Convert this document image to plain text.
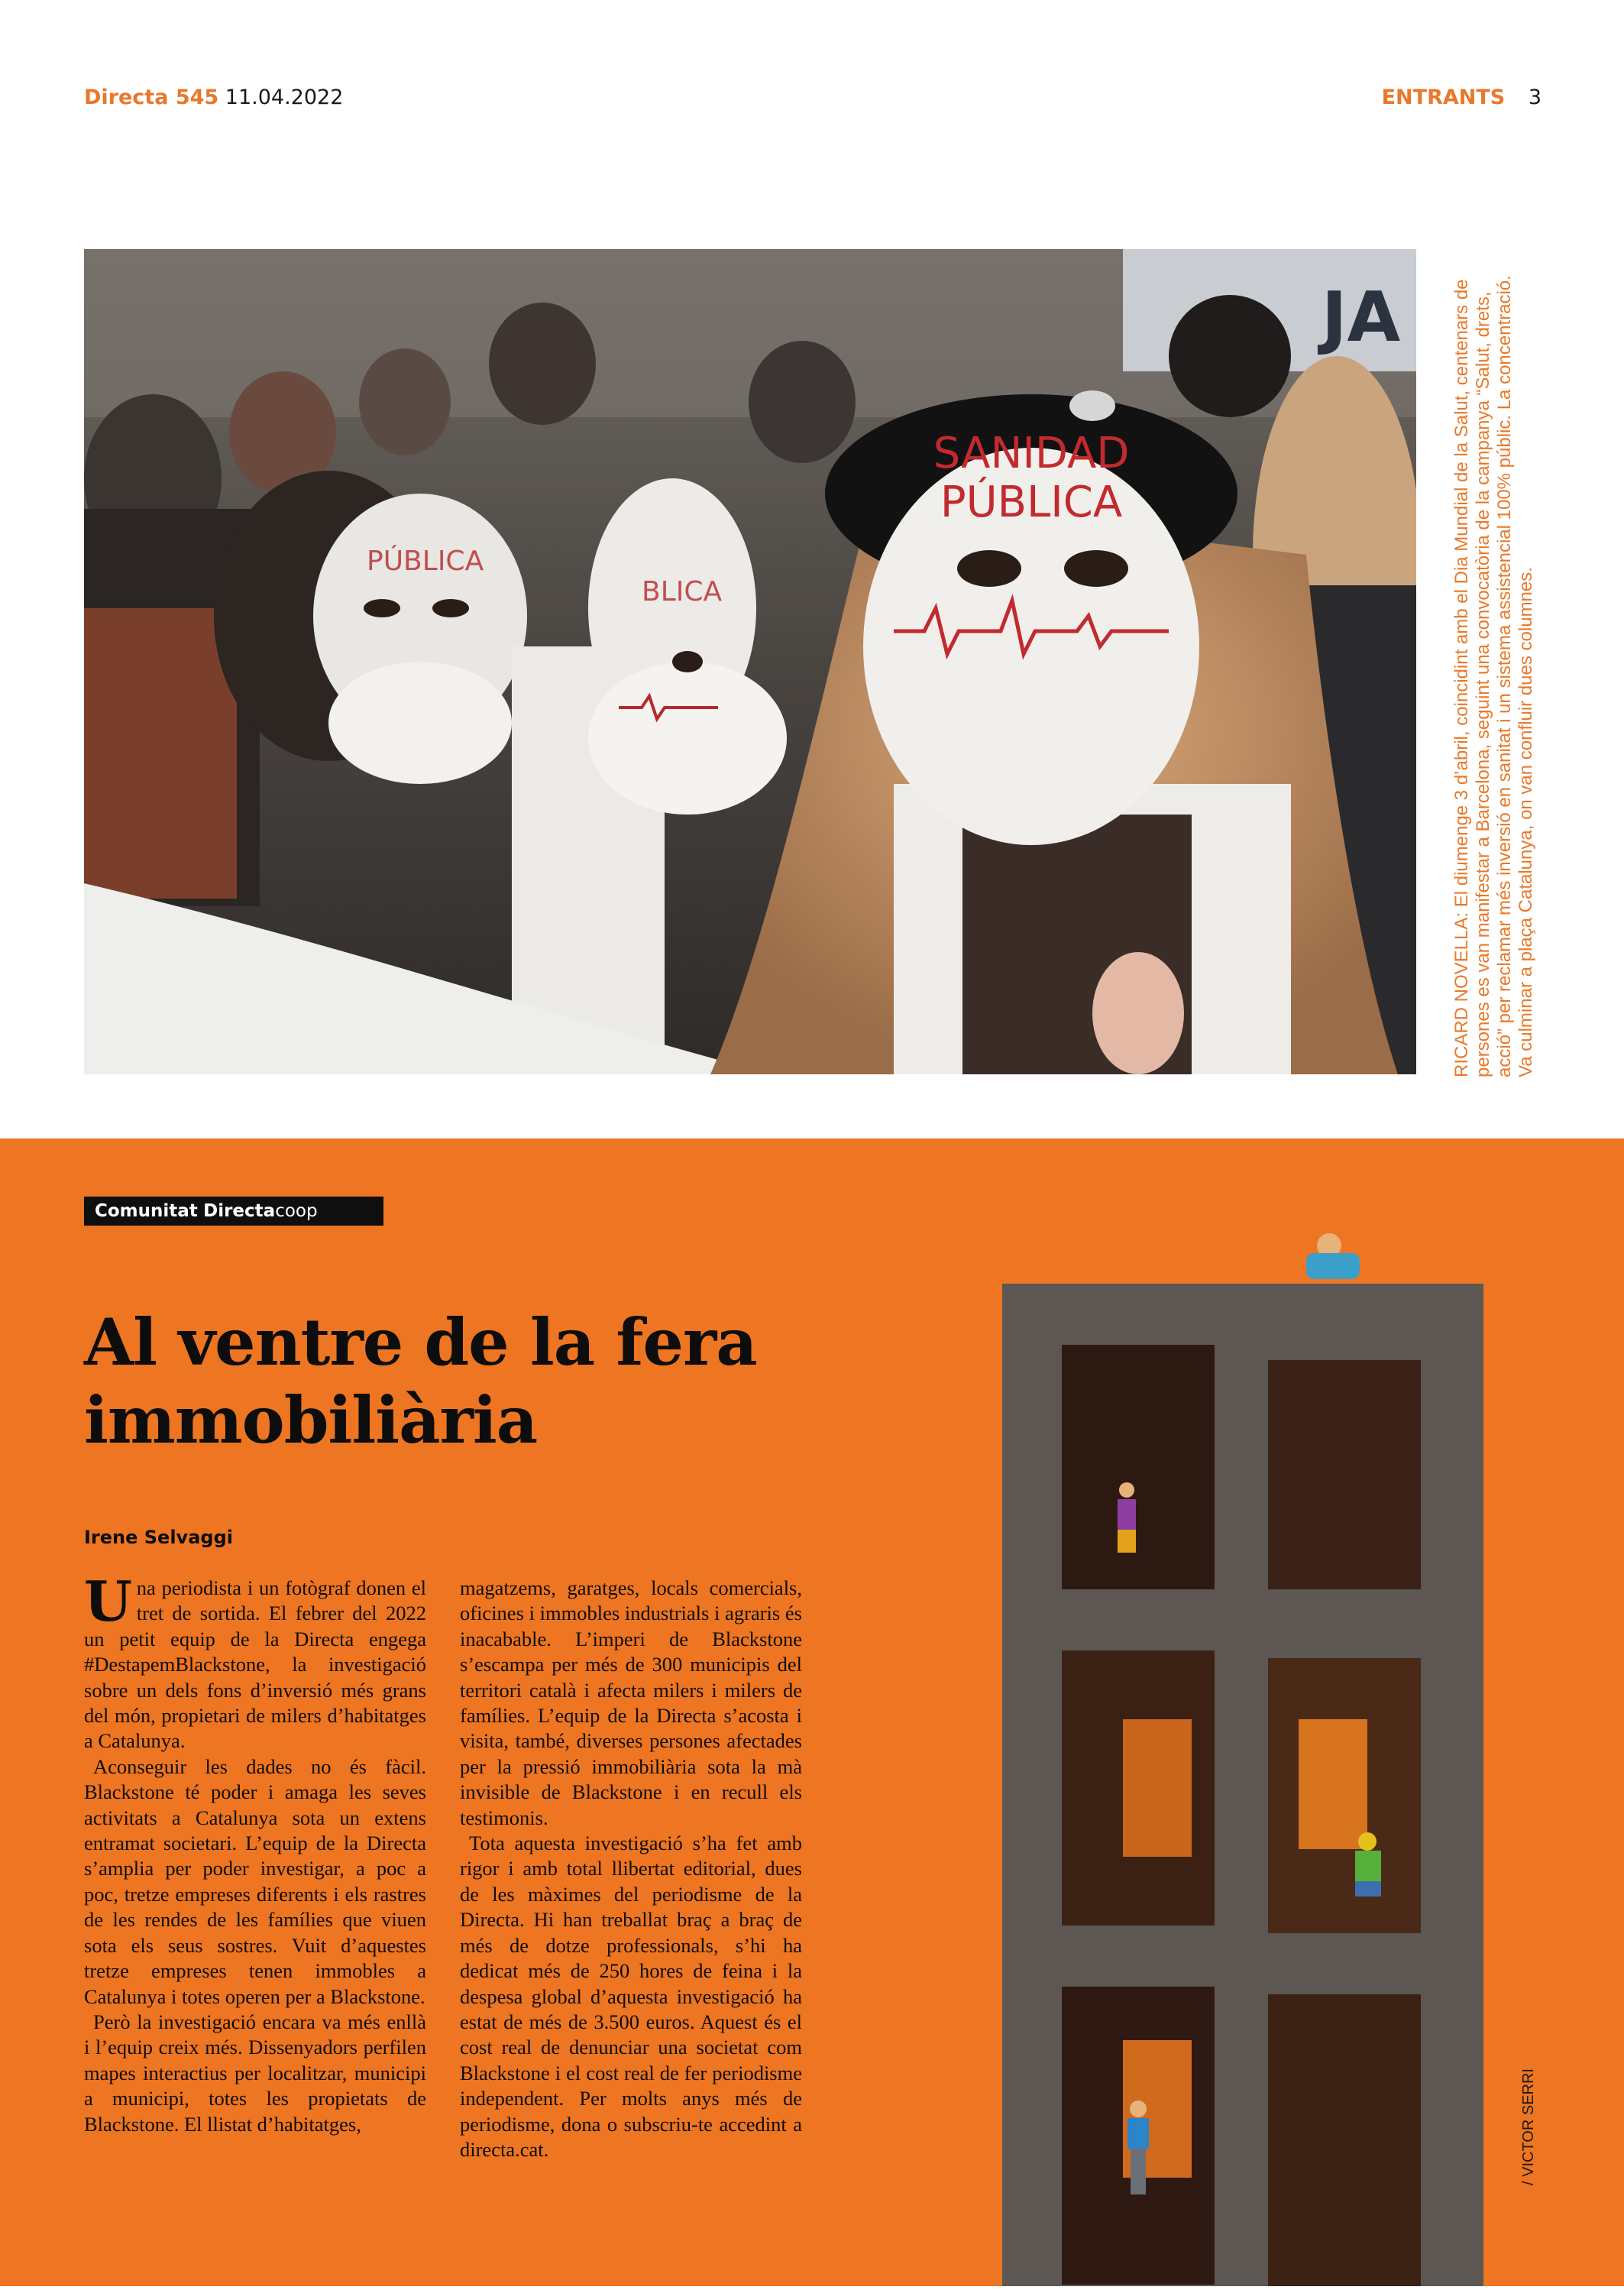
Directa 545 11.04.2022	ENTRANTS 3
JA
PÚBLICA
BLICA
SANIDAD
PÚBLICA	RICARD NOVELLA: El diumenge 3 d’abril, coincidint amb el Dia Mundial de la Salut, centenars de persones es van manifestar a Barcelona, seguint una convocatòria de la campanya “Salut, drets, acció” per reclamar més inversió en sanitat i un sistema assistencial 100% públic. La concentració. Va culminar a plaça Catalunya, on van confluir dues columnes.
Comunitat Directacoop
Al ventre de la fera
immobiliària
Irene Selvaggi

Una periodista i un fotògraf donen el tret de sortida. El febrer del 2022 un petit equip de la Directa engega #DestapemBlackstone, la investigació sobre un dels fons d’inversió més grans del món, propietari de milers d’habitatges a Catalunya.

Aconseguir les dades no és fàcil. Blackstone té poder i amaga les seves activitats a Catalunya sota un extens entramat societari. L’equip de la Directa s’amplia per poder investigar, a poc a poc, tretze empreses diferents i els rastres de les rendes de les famílies que viuen sota els seus sostres. Vuit d’aquestes tretze empreses tenen immobles a Catalunya i totes operen per a Blackstone.

Però la investigació encara va més enllà i l’equip creix més. Dissenyadors perfilen mapes interactius per localitzar, municipi a municipi, totes les propietats de Blackstone. El llistat d’habitatges,

magatzems, garatges, locals comercials, oficines i immobles industrials i agraris és inacabable. L’imperi de Blackstone s’escampa per més de 300 municipis del territori català i afecta milers i milers de famílies. L’equip de la Directa s’acosta i visita, també, diverses persones afectades per la pressió immobiliària sota la mà invisible de Blackstone i en recull els testimonis.

Tota aquesta investigació s’ha fet amb rigor i amb total llibertat editorial, dues de les màximes del periodisme de la Directa. Hi han treballat braç a braç de més de dotze professionals, s’hi ha dedicat més de 250 hores de feina i la despesa global d’aquesta investigació ha estat de més de 3.500 euros. Aquest és el cost real de denunciar una societat com Blackstone i el cost real de fer periodisme independent. Per molts anys més de periodisme, dona o subscriu-te accedint a directa.cat.	/ VICTOR SERRI
